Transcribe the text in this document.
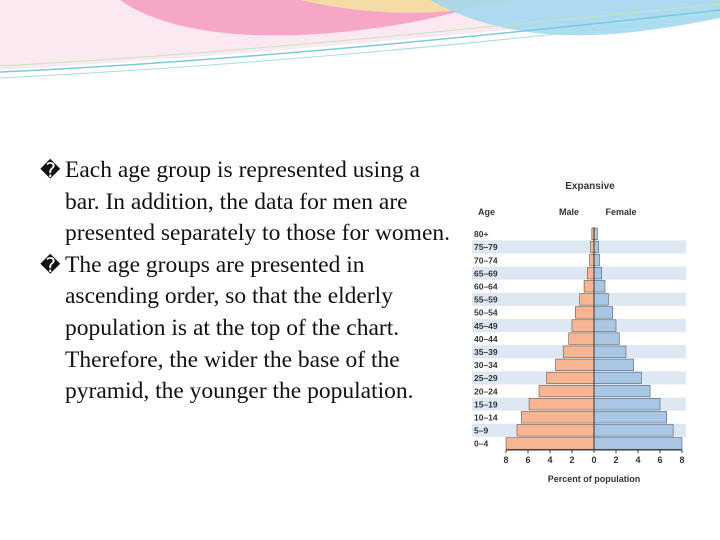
� Each age group is represented using a bar. In addition, the data for men are presented separately to those for women.
� The age groups are presented in ascending order, so that the elderly population is at the top of the chart. Therefore, the wider the base of the pyramid, the younger the population.
Expansive
Age	Male	Female
0–4
5–9
10–14
15–19
20–24
25–29
30–34
35–39
40–44
45–49
50–54
55–59
60–64
65–69
70–74
75–79
80+
8 6 4 2 0 2 4 6 8
Percent of population
